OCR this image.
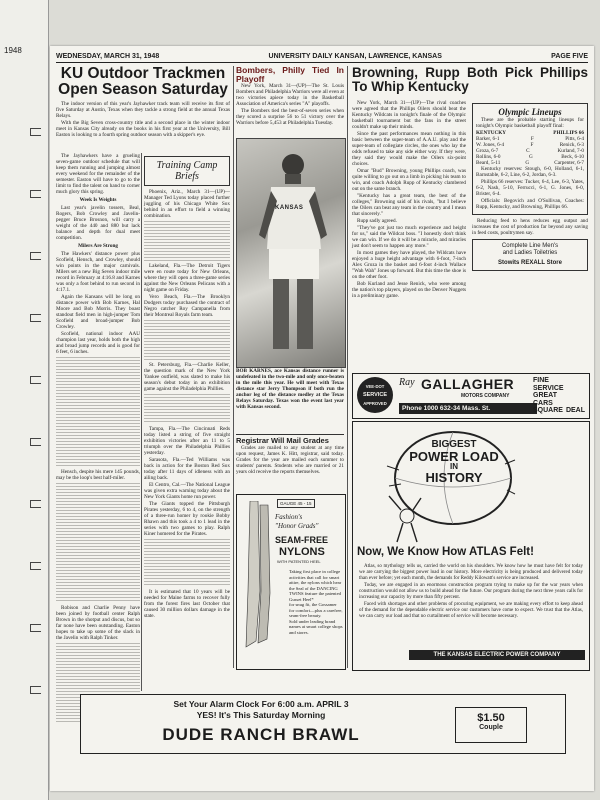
1948
WEDNESDAY, MARCH 31, 1948	UNIVERSITY DAILY KANSAN, LAWRENCE, KANSAS	PAGE FIVE
KU Outdoor Trackmen Open Season Saturday

The indoor version of this year's Jayhawker track team will receive its first of five Saturday at Austin, Texas when they tackle a strong field at the annual Texas Relays.

With the Big Seven cross-country title and a second place in the winter indoor meet in Kansas City already on the books in his first year at the University, Bill Easton is looking to a fourth spring outdoor season with a skipper's eye.

The Jayhawkers have a grueling seven-game outdoor schedule that will keep them running and jumping almost every weekend for the remainder of the semester. Easton will have to go to the limit to find the talent on hand to corner much glory this spring.

Week Is Weights

Last year's javelin tossers, Beal, Rogers, Bob Crowley and Javelin-pegger Bruce Brosnon, will carry a weight of the 440 and 880 but lack balance and depth for dual meet competition.

Milers Are Strong

The Hawkers' distance power plus Scofield, Hensch, and Crowley, should win points in the major carnivals. Milers set a new Big Seven indoor mile record in February at 4:16.8 and Karnes was only a foot behind to run second in 4:17.1.

Again the Kansans will be long on distance power with Bob Karnes, Hal Moore and Bob Morris. They boast standout field men in high-jumper Tom Scofield and broad-jumper Bob Crowley.

Scofield, national indoor AAU champion last year, holds both the high and broad jump records and is good for 6 feet, 6 inches.

Hensch, despite his mere 145 pounds, may be the loop's best half-miler.

Robison and Charlie Penny have been joined by football center Ralph Brown in the shotput and discus, but so far none have been outstanding. Easton hopes to take up some of the slack in the Javelin with Ralph Tinker.

Training Camp Briefs

Phoenix, Ariz., March 31—(UP)—Manager Ted Lyons today placed further juggling of his Chicago White Sox behind in an effort to field a winning combination.

Lakeland, Fla.—The Detroit Tigers were en route today for New Orleans, where they will open a three-game series against the New Orleans Pelicans with a night game on Friday.

Vero Beach, Fla.—The Brooklyn Dodgers today purchased the contract of Negro catcher Roy Campanella from their Montreal Royals farm team.

St. Petersburg, Fla.—Charlie Keller, the question mark of the New York Yankee outfield, was slated to make his season's debut today in an exhibition game against the Philadelphia Phillies.

Tampa, Fla.—The Cincinnati Reds today listed a string of five straight exhibition victories after an 11 to 5 triumph over the Philadelphia Phillies yesterday.

Sarasota, Fla.—Ted Williams was back in action for the Boston Red Sox today after 11 days of idleness with an ailing back.

El Centro, Cal.—The National League was given extra warning today about the New York Giants home run power.

The Giants topped the Pittsburgh Pirates yesterday, 6 to 4, on the strength of a three-run homer by rookie Bobby Rhawn and this took a 4 to 1 lead in the series with two games to play. Ralph Kiner homered for the Pirates.

It is estimated that 10 years will be needed for Maine farms to recover fully from the forest fires last October that caused 30 million dollars damage in the state.

Bombers, Philly Tied In Playoff

New York, March 31—(UP)—The St. Louis Bombers and Philadelphia Warriors were all even at two victories apiece today in the Basketball Association of America's series "A" playoffs.

The Bombers tied the best-of-seven series when they scored a surprise 56 to 51 victory over the Warriors before 5,453 at Philadelphia Tuesday.

KANSAS

BOB KARNES, ace Kansas distance runner is undefeated in the two-mile and only once-beaten in the mile this year. He will meet with Texas distance star Jerry Thompson if both run the anchor leg of the distance medley at the Texas Relays Saturday. Texas won the event last year with Kansas second.

Registrar Will Mail Grades

Grades are mailed to any student at any time upon request, James K. Hitt, registrar, said today. Grades for the year are mailed each summer to students' parents. Students who are married or 21 years old receive the reports themselves.

GAUGE 45 - 15
Fashion's
"Honor Grads"
SEAM-FREE
NYLONS
WITH PATENTED HEEL
Taking first place in college activities that call for smart attire, the nylons which hear the Seal of the DANCING TWINS feature the patented Gusset Heel*
for snug fit, the Gossamer for comfort—plus a carefree, seam-free beauty.
Sold under leading brand names at smart college shops and stores.
Browning, Rupp Both Pick Phillips To Whip Kentucky

New York, March 31—(UP)—The rival coaches were agreed that the Phillips Oilers should beat the Kentucky Wildcats in tonight's finale of the Olympic basketball tournament but the fans in the street couldn't make up their minds.

Since the past performances mean nothing in this basic between the super-team of A.A.U. play and the super-team of collegiate circles, the ones who lay the odds refused to take any side either way. If they were, they said they would make the Oilers six-point choices.

Omar "Bud" Browning, young Phillips coach, was quite willing to go out on a limb in picking his team to win, and coach Adolph Rupp of Kentucky clambered out on the same branch.

"Kentucky has a great team, the best of the colleges," Browning said of his rivals, "but I believe the Oilers can beat any team in the country and I mean that sincerely."

Rupp sadly agreed.

"They've got just too much experience and height for us," said the Wildcat boss. "I honestly don't think we can win. If we do it will be a miracle, and miracles just don't seem to happen any more."

In most games they have played, the Wildcats have enjoyed a huge height advantage with 6-foot, 7-inch Alex Groza in the basket and 6-foot 4-inch Wallace "Wah Wah" Jones up forward. But this time the shoe is on the other foot.

Bob Kurland and Jesse Renick, who were among the nation's top players, played on the Denver Nuggets in a preliminary game.

Olympic Lineups

These are the probable starting lineups for tonight's Olympic basketball playoff final:

KENTUCKY	PHILLIPS 66
Barker, 6-1	F	Pitts, 6-4
W. Jones, 6-4	F	Renick, 6-3
Groza, 6-7	C	Kurland, 7-0
Rollins, 6-0	G	Beck, 6-10
Beard, 5-11	G	Carpenter, 6-7

Kentucky reserves: Stough, 6-0, Holland, 6-1, Barnstable, 6-2, Line, 6-2, Jordan, 6-3.

Phillips 66 reserves: Tucker, 6-4, Lee, 6-3, Yates, 6-2, Nash, 5-10, Ferrucci, 6-1, G. Jones, 6-0, Brister, 6-4.

Officials: Begovich and O'Sullivan, Coaches: Rupp, Kentucky, and Browning, Phillips 66.

Reducing feed to hens reduces egg output and increases the cost of production far beyond any saving in feed costs, poultrymen say.

Complete Line Men's
and Ladies Toiletries
Stowits REXALL Store
VEE-DOT
SERVICE
APPROVED
Ray GALLAGHER
MOTORS COMPANY
Phone 1000 632-34 Mass. St.
FINE
SERVICE
GREAT
CARS
SQUARE DEAL
BIGGEST
POWER LOAD
IN
HISTORY
Now, We Know How ATLAS Felt!

Atlas, so mythology tells us, carried the world on his shoulders. We know how he must have felt for today we are carrying the biggest power load in our history. More electricity is being produced and delivered today than ever before; yet each month, the demands for Reddy Kilowatt's service are increased.

Today, we are engaged in an enormous construction program trying to make up for the war years when construction would not allow us to build ahead for the future. Our program during the next three years calls for increasing our capacity by more than fifty percent.

Faced with shortages and other problems of procuring equipment, we are making every effort to keep ahead of the demand for the dependable electric service our customers have come to expect. We trust that the Atlas, we can carry our load and that no curtailment of service will become necessary.

THE KANSAS ELECTRIC POWER COMPANY
Set Your Alarm Clock For 6:00 a.m. APRIL 3
YES! It's This Saturday Morning
DUDE RANCH BRAWL
$1.50
Couple
